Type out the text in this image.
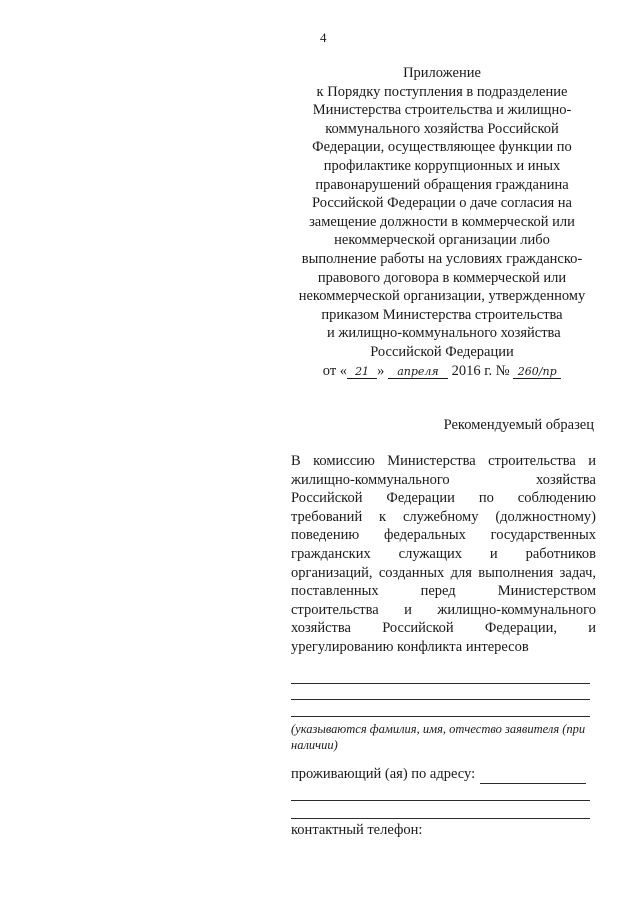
4
Приложение
к Порядку поступления в подразделение
Министерства строительства и жилищно-
коммунального хозяйства Российской
Федерации, осуществляющее функции по
профилактике коррупционных и иных
правонарушений обращения гражданина
Российской Федерации о даче согласия на
замещение должности в коммерческой или
некоммерческой организации либо
выполнение работы на условиях гражданско-
правового договора в коммерческой или
некоммерческой организации, утвержденному
приказом Министерства строительства
и жилищно-коммунального хозяйства
Российской Федерации
от « 21 » апреля 2016 г. № 260/пр
Рекомендуемый образец
В комиссию Министерства строительства и
жилищно-коммунального хозяйства
Российской Федерации по соблюдению
требований к служебному (должностному)
поведению федеральных государственных
гражданских служащих и работников
организаций, созданных для выполнения задач,
поставленных перед Министерством
строительства и жилищно-коммунального
хозяйства Российской Федерации, и
урегулированию конфликта интересов
(указываются фамилия, имя, отчество заявителя (при наличии)
проживающий (ая) по адресу:
контактный телефон:
